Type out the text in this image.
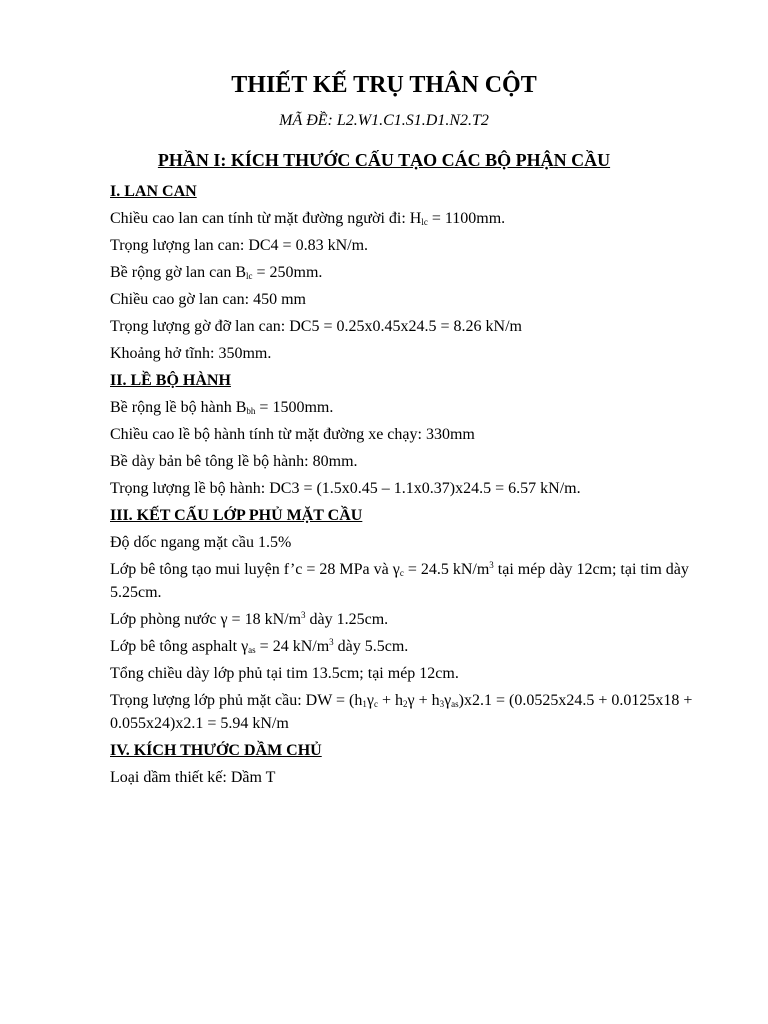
THIẾT KẾ TRỤ THÂN CỘT
MÃ ĐỀ: L2.W1.C1.S1.D1.N2.T2
PHẦN I: KÍCH THƯỚC CẤU TẠO CÁC BỘ PHẬN CẦU
I. LAN CAN
Chiều cao lan can tính từ mặt đường người đi: $H_{lc} = 1100mm$.
Trọng lượng lan can: DC4 = 0.83 kN/m.
Bề rộng gờ lan can $B_{lc} = 250mm$.
Chiều cao gờ lan can: 450 mm
Trọng lượng gờ đỡ lan can: DC5 = 0.25x0.45x24.5 = 8.26 kN/m
Khoảng hở tĩnh: 350mm.
II. LỀ BỘ HÀNH
Bề rộng lề bộ hành $B_{bh} = 1500mm$.
Chiều cao lề bộ hành tính từ mặt đường xe chạy: 330mm
Bề dày bản bê tông lề bộ hành: 80mm.
Trọng lượng lề bộ hành: DC3 = (1.5x0.45 – 1.1x0.37)x24.5 = 6.57 kN/m.
III. KẾT CẤU LỚP PHỦ MẶT CẦU
Độ dốc ngang mặt cầu 1.5%
Lớp bê tông tạo mui luyện f’c = 28 MPa và $\gamma_c = 24.5$ $kN/m^3$ tại mép dày 12cm; tại tim dày 5.25cm.
Lớp phòng nước γ = 18 $kN/m^3$ dày 1.25cm.
Lớp bê tông asphalt $\gamma_{as} = 24$ $kN/m^3$ dày 5.5cm.
Tổng chiều dày lớp phủ tại tim 13.5cm; tại mép 12cm.
Trọng lượng lớp phủ mặt cầu: DW = $(h_1\gamma_c + h_2\gamma + h_3\gamma_{as})x2.1 = (0.0525x24.5 + 0.0125x18 + 0.055x24)x2.1 = 5.94$ kN/m
IV. KÍCH THƯỚC DẦM CHỦ
Loại dầm thiết kế: Dầm T
